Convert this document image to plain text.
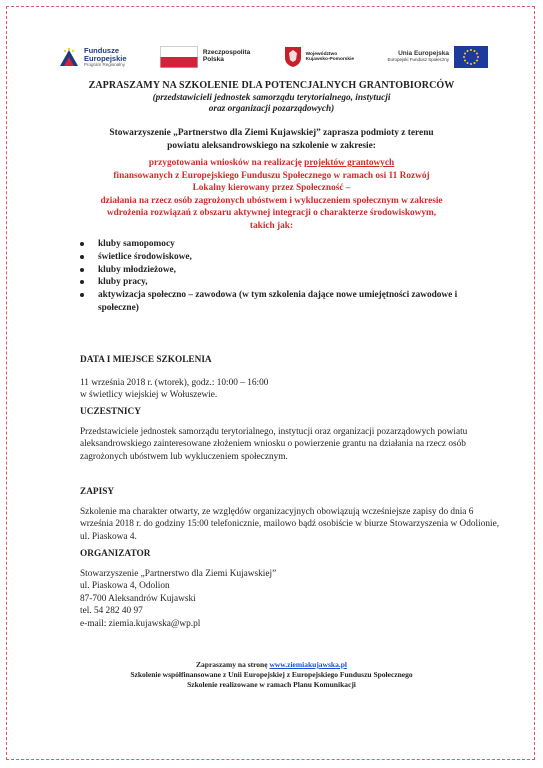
Fundusze
Europejskie
Program Regionalny
Rzeczpospolita
Polska
Województwo
Kujawsko-Pomorskie
Unia Europejska
Europejski Fundusz Społeczny
ZAPRASZAMY NA SZKOLENIE DLA POTENCJALNYCH GRANTOBIORCÓW
(przedstawicieli jednostek samorządu terytorialnego, instytucji
oraz organizacji pozarządowych)
Stowarzyszenie „Partnerstwo dla Ziemi Kujawskiej” zaprasza podmioty z terenu
powiatu aleksandrowskiego na szkolenie w zakresie:
przygotowania wniosków na realizację projektów grantowych
finansowanych z Europejskiego Funduszu Społecznego w ramach osi 11 Rozwój
Lokalny kierowany przez Społeczność –
działania na rzecz osób zagrożonych ubóstwem i wykluczeniem społecznym w zakresie
wdrożenia rozwiązań z obszaru aktywnej integracji o charakterze środowiskowym,
takich jak:
kluby samopomocy
świetlice środowiskowe,
kluby młodzieżowe,
kluby pracy,
aktywizacja społeczno – zawodowa (w tym szkolenia dające nowe umiejętności zawodowe i społeczne)
DATA I MIEJSCE SZKOLENIA
11 września 2018 r. (wtorek), godz.: 10:00 – 16:00
w świetlicy wiejskiej w Wołuszewie.
UCZESTNICY
Przedstawiciele jednostek samorządu terytorialnego, instytucji oraz organizacji pozarządowych powiatu aleksandrowskiego zainteresowane złożeniem wniosku o powierzenie grantu na działania na rzecz osób zagrożonych ubóstwem lub wykluczeniem społecznym.
ZAPISY
Szkolenie ma charakter otwarty, ze względów organizacyjnych obowiązują wcześniejsze zapisy do dnia 6 września 2018 r. do godziny 15:00 telefonicznie, mailowo bądź osobiście w biurze Stowarzyszenia w Odolionie, ul. Piaskowa 4.
ORGANIZATOR
Stowarzyszenie „Partnerstwo dla Ziemi Kujawskiej”
ul. Piaskowa 4, Odolion
87-700 Aleksandrów Kujawski
tel. 54 282 40 97
e-mail: ziemia.kujawska@wp.pl
Zapraszamy na stronę www.ziemiakujawska.pl
Szkolenie współfinansowane z Unii Europejskiej z Europejskiego Funduszu Społecznego
Szkolenie realizowane w ramach Planu Komunikacji
